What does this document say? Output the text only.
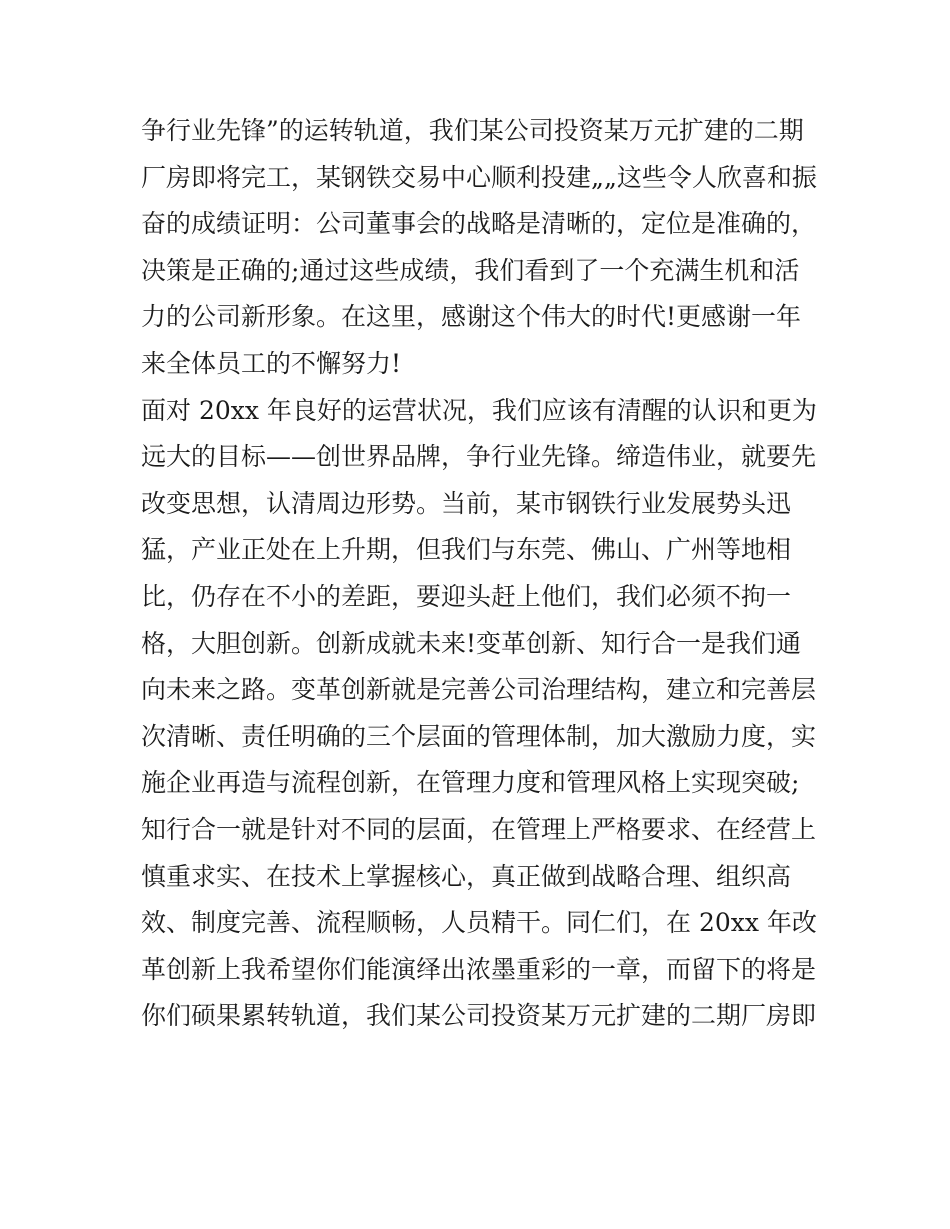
争行业先锋”的运转轨道，我们某公司投资某万元扩建的二期
厂房即将完工，某钢铁交易中心顺利投建„„这些令人欣喜和振
奋的成绩证明：公司董事会的战略是清晰的，定位是准确的，
决策是正确的;通过这些成绩，我们看到了一个充满生机和活
力的公司新形象。在这里，感谢这个伟大的时代!更感谢一年
来全体员工的不懈努力!
面对 20xx 年良好的运营状况，我们应该有清醒的认识和更为
远大的目标——创世界品牌，争行业先锋。缔造伟业，就要先
改变思想，认清周边形势。当前，某市钢铁行业发展势头迅
猛，产业正处在上升期，但我们与东莞、佛山、广州等地相
比，仍存在不小的差距，要迎头赶上他们，我们必须不拘一
格，大胆创新。创新成就未来!变革创新、知行合一是我们通
向未来之路。变革创新就是完善公司治理结构，建立和完善层
次清晰、责任明确的三个层面的管理体制，加大激励力度，实
施企业再造与流程创新，在管理力度和管理风格上实现突破;
知行合一就是针对不同的层面，在管理上严格要求、在经营上
慎重求实、在技术上掌握核心，真正做到战略合理、组织高
效、制度完善、流程顺畅，人员精干。同仁们，在 20xx 年改
革创新上我希望你们能演绎出浓墨重彩的一章，而留下的将是
你们硕果累转轨道，我们某公司投资某万元扩建的二期厂房即
